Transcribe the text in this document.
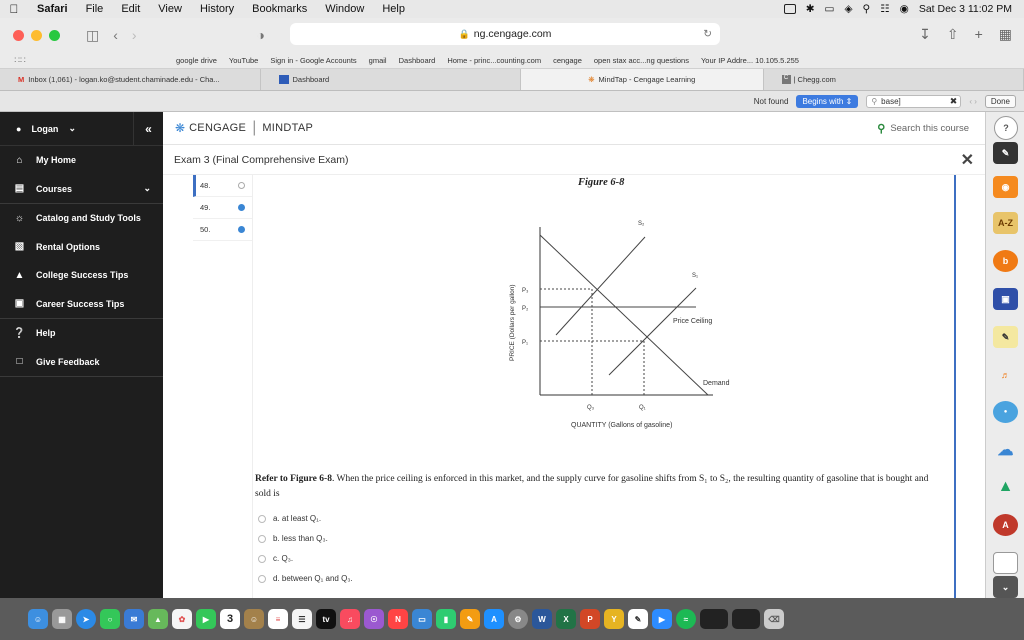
Safari	File	Edit	View	History	Bookmarks	Window	Help	✱ ▭ ◈ ⚲ ☷ ◉ Sat Dec 3 11:02 PM
◫ ‹ ›	◑	🔒 ng.cengage.com	↻	↧ ⇧ + ▦
∷∷	google drive	YouTube	Sign in - Google Accounts	gmail	Dashboard	Home - princ...counting.com	cengage	open stax acc...ng questions	Your IP Addre... 10.105.5.255
M Inbox (1,061) - logan.ko@student.chaminade.edu - Cha...	Dashboard	❋ MindTap - Cengage Learning	C | Chegg.com
Not found	Begins with ⇕	⚲ base]	✖ ‹ ›	Done
● Logan ⌄	«
⌂	My Home
▤ Courses	⌄
☼ Catalog and Study Tools
▧ Rental Options
▲ College Success Tips
▣ Career Success Tips
❔ Help
□	Give Feedback
❋ CENGAGE | MINDTAP	⚲ Search this course
Exam 3 (Final Comprehensive Exam)	✕
48.
49.
50.
Figure 6-8
S₂
S₁
Price Ceiling
Demand
P₃
P₂
P₁
Q₃	Q₁
QUANTITY (Gallons of gasoline)
PRICE (Dollars per gallon)
Refer to Figure 6-8. When the price ceiling is enforced in this market, and the supply curve for gasoline shifts from S₁ to S₂, the resulting quantity of gasoline that is bought and sold is
a. at least Q₁.
b. less than Q₃.
c. Q₃.
d. between Q₁ and Q₃.
?
✎
◉
A-Z
b
▣
✎
♬
●
☁
▲
A
⌄
☺	▦	➤	○	✉	▲	✿	▶	3	☺	≡	☰	tv	♫	☉	N	▭	▮	✎	A	⚙	W	X	P	Y	✎	▶	≈	⌫
